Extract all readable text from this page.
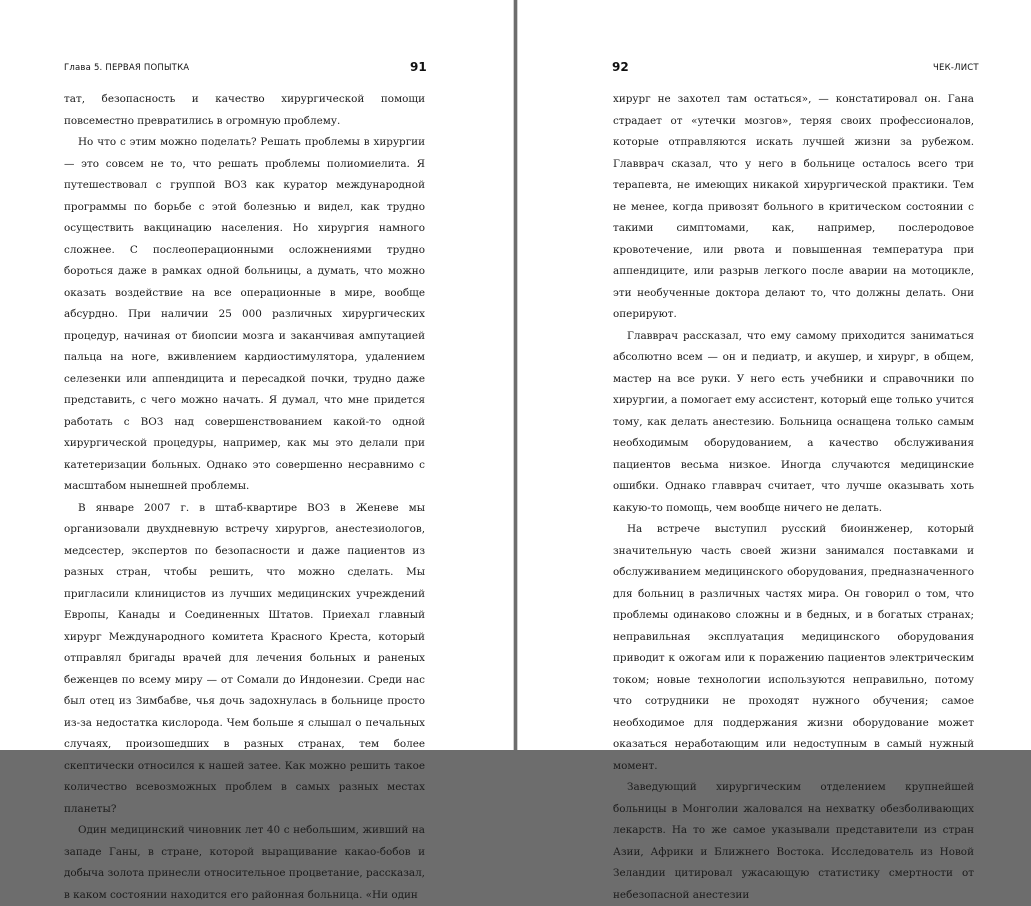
Глава 5. ПЕРВАЯ ПОПЫТКА	91

тат, безопасность и качество хирургической помощи повсеместно превратились в огромную проблему.

Но что с этим можно поделать? Решать проблемы в хирургии — это совсем не то, что решать проблемы полиомиелита. Я путешествовал с группой ВОЗ как куратор международной программы по борьбе с этой болезнью и видел, как трудно осуществить вакцинацию населения. Но хирургия намного сложнее. С послеоперационными осложнениями трудно бороться даже в рамках одной больницы, а думать, что можно оказать воздействие на все операционные в мире, вообще абсурдно. При наличии 25 000 различных хирургических процедур, начиная от биопсии мозга и заканчивая ампутацией пальца на ноге, вживлением кардиостимулятора, удалением селезенки или аппендицита и пересадкой почки, трудно даже представить, с чего можно начать. Я думал, что мне придется работать с ВОЗ над совершенствованием какой-то одной хирургической процедуры, например, как мы это делали при катетеризации больных. Однако это совершенно несравнимо с масштабом нынешней проблемы.

В январе 2007 г. в штаб-квартире ВОЗ в Женеве мы организовали двухдневную встречу хирургов, анестезиологов, медсестер, экспертов по безопасности и даже пациентов из разных стран, чтобы решить, что можно сделать. Мы пригласили клиницистов из лучших медицинских учреждений Европы, Канады и Соединенных Штатов. Приехал главный хирург Международного комитета Красного Креста, который отправлял бригады врачей для лечения больных и раненых беженцев по всему миру — от Сомали до Индонезии. Среди нас был отец из Зимбабве, чья дочь задохнулась в больнице просто из-за недостатка кислорода. Чем больше я слышал о печальных случаях, произошедших в разных странах, тем более скептически относился к нашей затее. Как можно решить такое количество всевозможных проблем в самых разных местах планеты?

Один медицинский чиновник лет 40 с небольшим, живший на западе Ганы, в стране, которой выращивание какао-бобов и добыча золота принесли относительное процветание, рассказал, в каком состоянии находится его районная больница. «Ни один

92	ЧЕК-ЛИСТ

хирург не захотел там остаться», — констатировал он. Гана страдает от «утечки мозгов», теряя своих профессионалов, которые отправляются искать лучшей жизни за рубежом. Главврач сказал, что у него в больнице осталось всего три терапевта, не имеющих никакой хирургической практики. Тем не менее, когда привозят больного в критическом состоянии с такими симптомами, как, например, послеродовое кровотечение, или рвота и повышенная температура при аппендиците, или разрыв легкого после аварии на мотоцикле, эти необученные доктора делают то, что должны делать. Они оперируют.

Главврач рассказал, что ему самому приходится заниматься абсолютно всем — он и педиатр, и акушер, и хирург, в общем, мастер на все руки. У него есть учебники и справочники по хирургии, а помогает ему ассистент, который еще только учится тому, как делать анестезию. Больница оснащена только самым необходимым оборудованием, а качество обслуживания пациентов весьма низкое. Иногда случаются медицинские ошибки. Однако главврач считает, что лучше оказывать хоть какую-то помощь, чем вообще ничего не делать.

На встрече выступил русский биоинженер, который значительную часть своей жизни занимался поставками и обслуживанием медицинского оборудования, предназначенного для больниц в различных частях мира. Он говорил о том, что проблемы одинаково сложны и в бедных, и в богатых странах; неправильная эксплуатация медицинского оборудования приводит к ожогам или к поражению пациентов электрическим током; новые технологии используются неправильно, потому что сотрудники не проходят нужного обучения; самое необходимое для поддержания жизни оборудование может оказаться неработающим или недоступным в самый нужный момент.

Заведующий хирургическим отделением крупнейшей больницы в Монголии жаловался на нехватку обезболивающих лекарств. На то же самое указывали представители из стран Азии, Африки и Ближнего Востока. Исследователь из Новой Зеландии цитировал ужасающую статистику смертности от небезопасной анестезии
